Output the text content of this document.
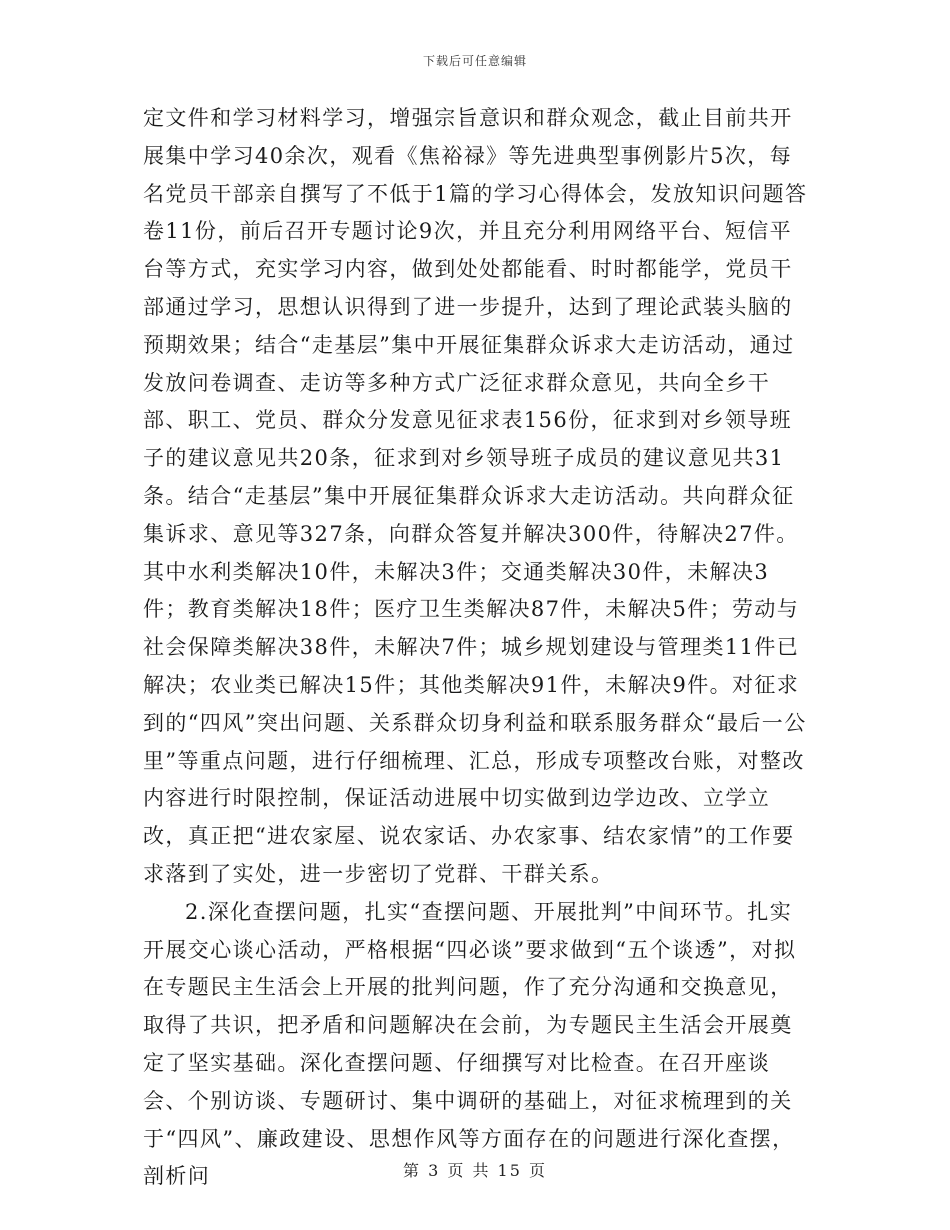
下载后可任意编辑

定文件和学习材料学习，增强宗旨意识和群众观念，截止目前共开展集中学习40余次，观看《焦裕禄》等先进典型事例影片5次，每名党员干部亲自撰写了不低于1篇的学习心得体会，发放知识问题答卷11份，前后召开专题讨论9次，并且充分利用网络平台、短信平台等方式，充实学习内容，做到处处都能看、时时都能学，党员干部通过学习，思想认识得到了进一步提升，达到了理论武装头脑的预期效果；结合“走基层”集中开展征集群众诉求大走访活动，通过发放问卷调查、走访等多种方式广泛征求群众意见，共向全乡干部、职工、党员、群众分发意见征求表156份，征求到对乡领导班子的建议意见共20条，征求到对乡领导班子成员的建议意见共31条。结合“走基层”集中开展征集群众诉求大走访活动。共向群众征集诉求、意见等327条，向群众答复并解决300件，待解决27件。其中水利类解决10件，未解决3件；交通类解决30件，未解决3件；教育类解决18件；医疗卫生类解决87件，未解决5件；劳动与社会保障类解决38件，未解决7件；城乡规划建设与管理类11件已解决；农业类已解决15件；其他类解决91件，未解决9件。对征求到的“四风”突出问题、关系群众切身利益和联系服务群众“最后一公里”等重点问题，进行仔细梳理、汇总，形成专项整改台账，对整改内容进行时限控制，保证活动进展中切实做到边学边改、立学立改，真正把“进农家屋、说农家话、办农家事、结农家情”的工作要求落到了实处，进一步密切了党群、干群关系。

2.深化查摆问题，扎实“查摆问题、开展批判”中间环节。扎实开展交心谈心活动，严格根据“四必谈”要求做到“五个谈透”，对拟在专题民主生活会上开展的批判问题，作了充分沟通和交换意见，取得了共识，把矛盾和问题解决在会前，为专题民主生活会开展奠定了坚实基础。深化查摆问题、仔细撰写对比检查。在召开座谈会、个别访谈、专题研讨、集中调研的基础上，对征求梳理到的关于“四风”、廉政建设、思想作风等方面存在的问题进行深化查摆，剖析问	第 3 页 共 15 页
